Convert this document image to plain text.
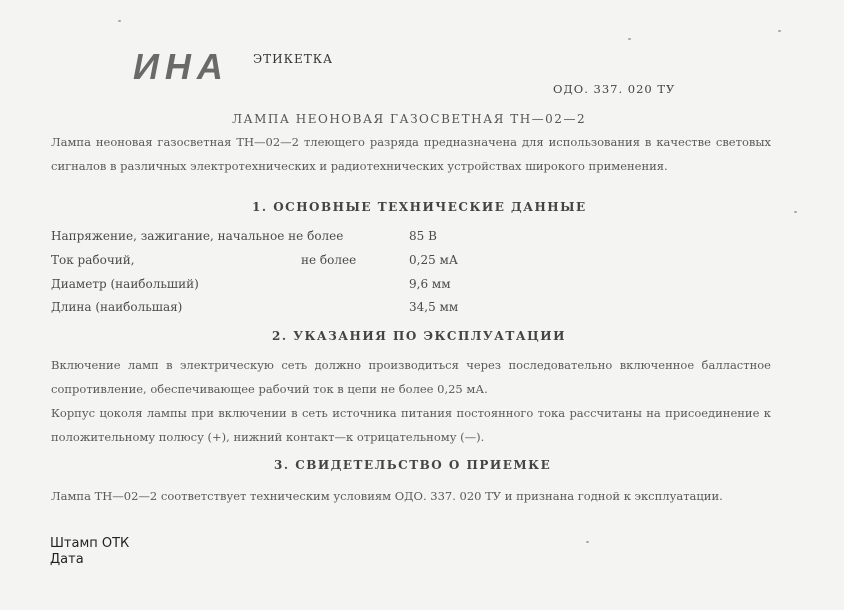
ИНА ЭТИКЕТКА
ОДО. 337. 020 ТУ
ЛАМПА НЕОНОВАЯ ГАЗОСВЕТНАЯ ТН—02—2
Лампа неоновая газосветная ТН—02—2 тлеющего разряда предназначена для использования в качестве световых сигналов в различных электротехнических и радиотехнических устройствах широкого применения.
1. ОСНОВНЫЕ ТЕХНИЧЕСКИЕ ДАННЫЕ
Напряжение, зажигание, начальное не более	85 В
Ток рабочий,	не более	0,25 мА
Диаметр (наибольший)	9,6 мм
Длина (наибольшая)	34,5 мм
2. УКАЗАНИЯ ПО ЭКСПЛУАТАЦИИ
Включение ламп в электрическую сеть должно производиться через последовательно включенное балластное сопротивление, обеспечивающее рабочий ток в цепи не более 0,25 мА.
Корпус цоколя лампы при включении в сеть источника питания постоянного тока рассчитаны на присоединение к положительному полюсу (+), нижний контакт—к отрицательному (—).
3. СВИДЕТЕЛЬСТВО О ПРИЕМКЕ
Лампа ТН—02—2 соответствует техническим условиям ОДО. 337. 020 ТУ и признана годной к эксплуатации.
Штамп ОТК
Дата
